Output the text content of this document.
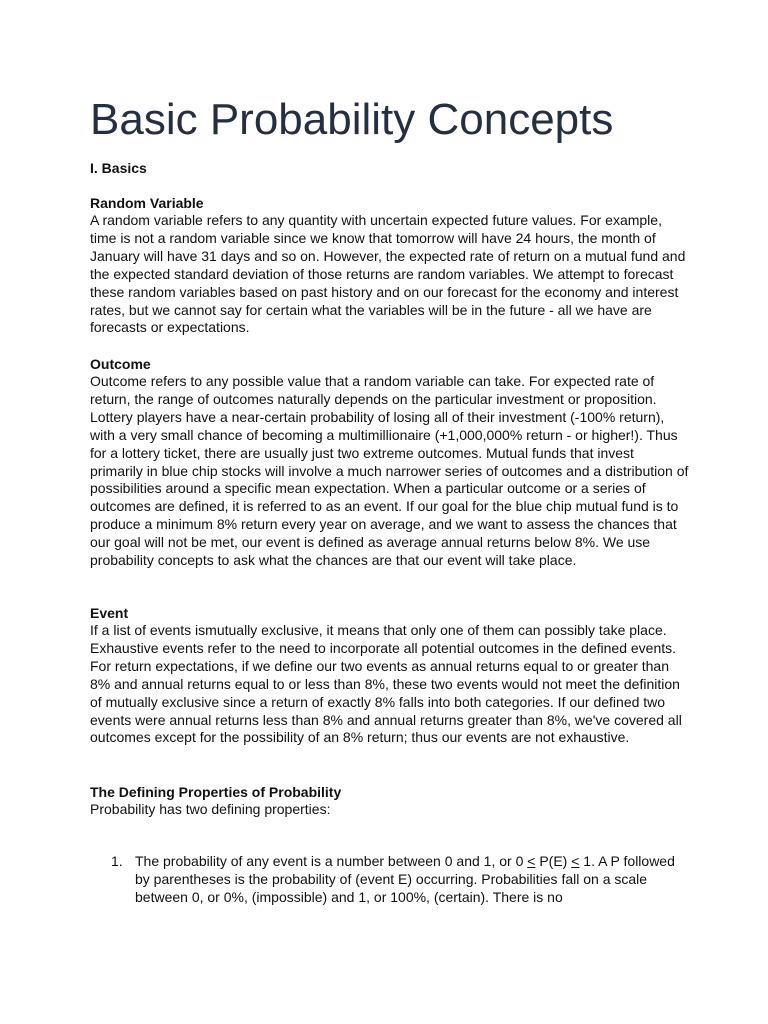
Basic Probability Concepts
I. Basics
Random Variable

A random variable refers to any quantity with uncertain expected future values. For example, time is not a random variable since we know that tomorrow will have 24 hours, the month of January will have 31 days and so on. However, the expected rate of return on a mutual fund and the expected standard deviation of those returns are random variables. We attempt to forecast these random variables based on past history and on our forecast for the economy and interest rates, but we cannot say for certain what the variables will be in the future - all we have are forecasts or expectations.

Outcome

Outcome refers to any possible value that a random variable can take. For expected rate of return, the range of outcomes naturally depends on the particular investment or proposition. Lottery players have a near-certain probability of losing all of their investment (-100% return), with a very small chance of becoming a multimillionaire (+1,000,000% return - or higher!). Thus for a lottery ticket, there are usually just two extreme outcomes. Mutual funds that invest primarily in blue chip stocks will involve a much narrower series of outcomes and a distribution of possibilities around a specific mean expectation. When a particular outcome or a series of outcomes are defined, it is referred to as an event. If our goal for the blue chip mutual fund is to produce a minimum 8% return every year on average, and we want to assess the chances that our goal will not be met, our event is defined as average annual returns below 8%. We use probability concepts to ask what the chances are that our event will take place.

Event

If a list of events ismutually exclusive, it means that only one of them can possibly take place. Exhaustive events refer to the need to incorporate all potential outcomes in the defined events. For return expectations, if we define our two events as annual returns equal to or greater than 8% and annual returns equal to or less than 8%, these two events would not meet the definition of mutually exclusive since a return of exactly 8% falls into both categories. If our defined two events were annual returns less than 8% and annual returns greater than 8%, we've covered all outcomes except for the possibility of an 8% return; thus our events are not exhaustive.

The Defining Properties of Probability

Probability has two defining properties:

1. The probability of any event is a number between 0 and 1, or 0 ≤ P(E) ≤ 1. A P followed by parentheses is the probability of (event E) occurring. Probabilities fall on a scale between 0, or 0%, (impossible) and 1, or 100%, (certain). There is no
